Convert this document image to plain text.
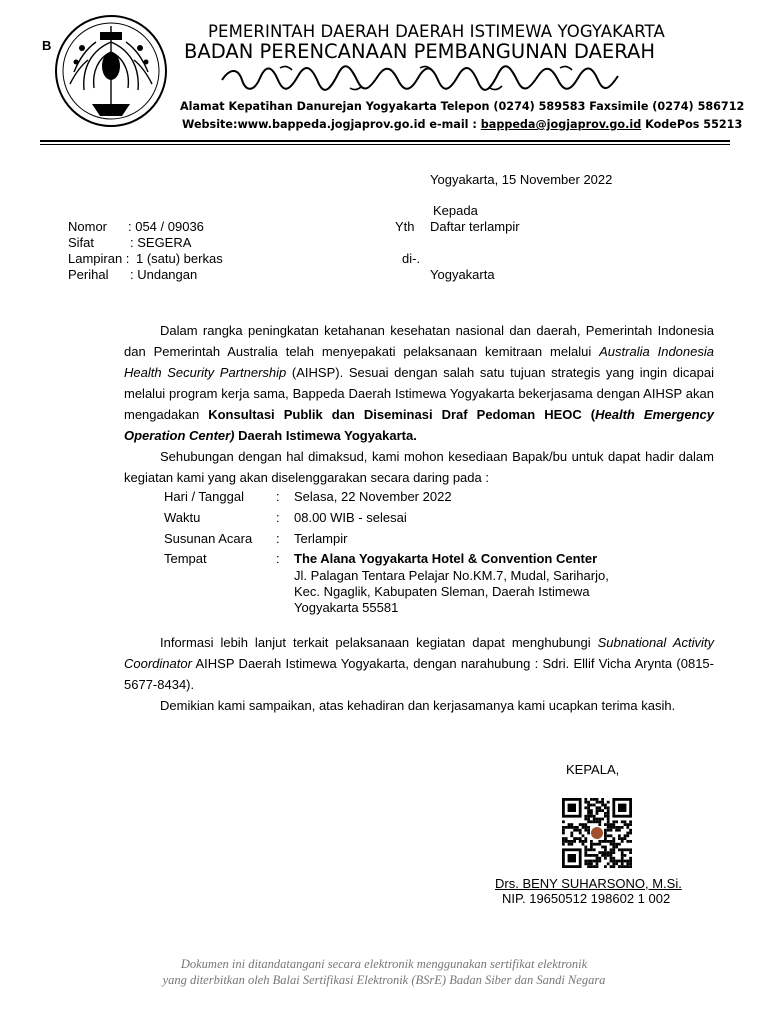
B
PEMERINTAH DAERAH DAERAH ISTIMEWA YOGYAKARTA
BADAN PERENCANAAN PEMBANGUNAN DAERAH
Alamat Kepatihan Danurejan Yogyakarta Telepon (0274) 589583 Faxsimile (0274) 586712
Website:www.bappeda.jogjaprov.go.id e-mail : bappeda@jogjaprov.go.id KodePos 55213
Yogyakarta, 15 November 2022
Nomor : 054 / 09036
Sifat	: SEGERA
Lampiran : 1 (satu) berkas
Perihal : Undangan
Kepada
Yth Daftar terlampir
di-.
Yogyakarta
Dalam rangka peningkatan ketahanan kesehatan nasional dan daerah, Pemerintah Indonesia dan Pemerintah Australia telah menyepakati pelaksanaan kemitraan melalui Australia Indonesia Health Security Partnership (AIHSP). Sesuai dengan salah satu tujuan strategis yang ingin dicapai melalui program kerja sama, Bappeda Daerah Istimewa Yogyakarta bekerjasama dengan AIHSP akan mengadakan Konsultasi Publik dan Diseminasi Draf Pedoman HEOC (Health Emergency Operation Center) Daerah Istimewa Yogyakarta.
Sehubungan dengan hal dimaksud, kami mohon kesediaan Bapak/bu untuk dapat hadir dalam kegiatan kami yang akan diselenggarakan secara daring pada :
Hari / Tanggal : Selasa, 22 November 2022
Waktu	: 08.00 WIB - selesai
Susunan Acara : Terlampir
Tempat	: The Alana Yogyakarta Hotel & Convention Center
Jl. Palagan Tentara Pelajar No.KM.7, Mudal, Sariharjo,
Kec. Ngaglik, Kabupaten Sleman, Daerah Istimewa
Yogyakarta 55581
Informasi lebih lanjut terkait pelaksanaan kegiatan dapat menghubungi Subnational Activity Coordinator AIHSP Daerah Istimewa Yogyakarta, dengan narahubung : Sdri. Ellif Vicha Arynta (0815-5677-8434).
Demikian kami sampaikan, atas kehadiran dan kerjasamanya kami ucapkan terima kasih.
KEPALA,
Drs. BENY SUHARSONO, M.Si.
NIP. 19650512 198602 1 002
Dokumen ini ditandatangani secara elektronik menggunakan sertifikat elektronik
yang diterbitkan oleh Balai Sertifikasi Elektronik (BSrE) Badan Siber dan Sandi Negara
